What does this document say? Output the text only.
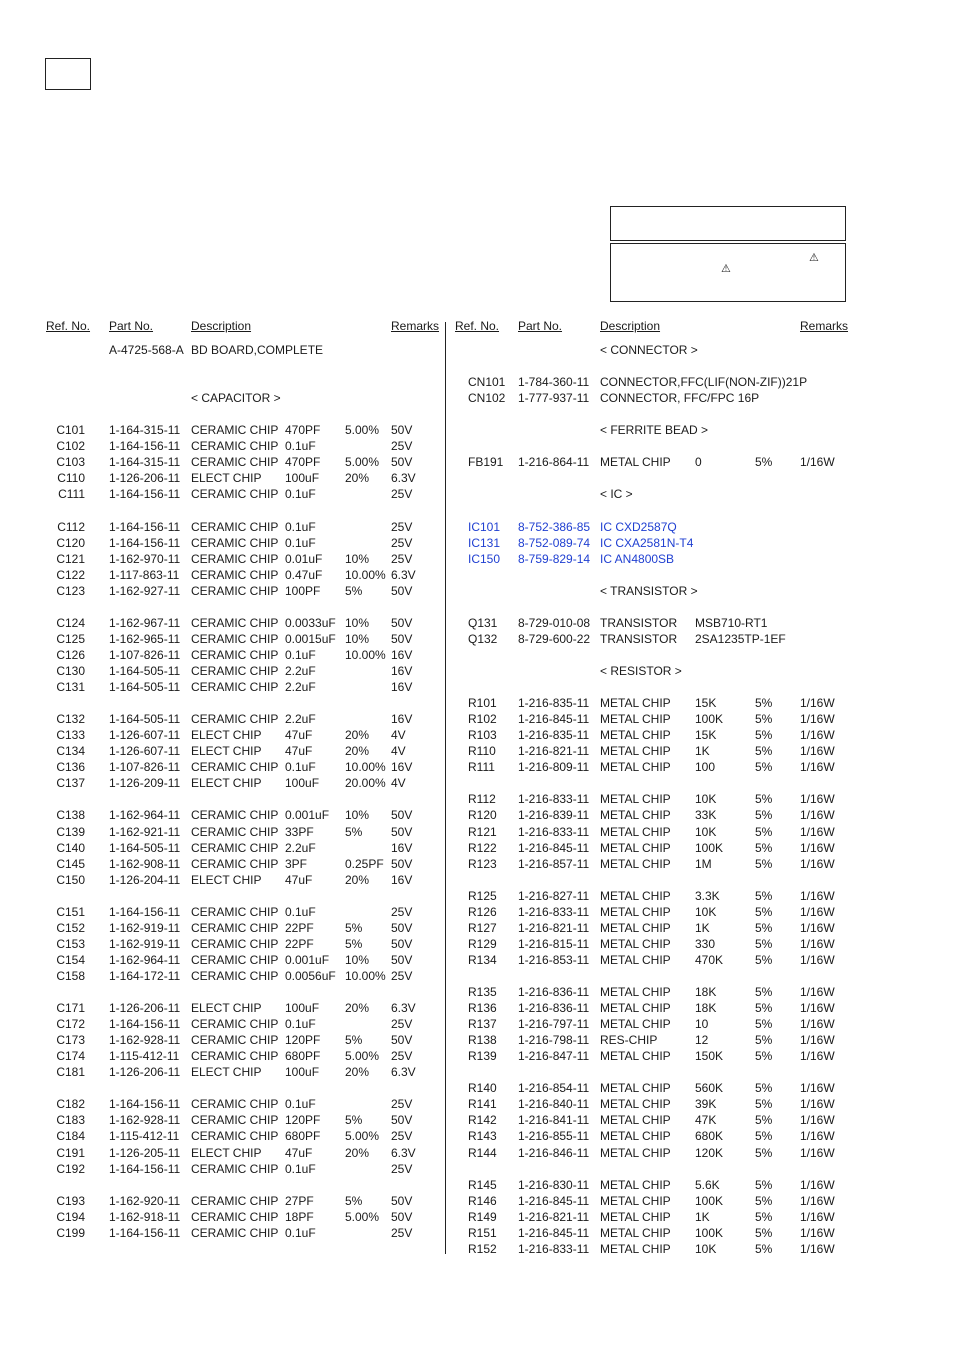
⚠
⚠
Ref. No. Part No.	Description	Remarks Ref. No. Part No.	Description	Remarks
A-4725-568-A BD BOARD,COMPLETE
< CAPACITOR >
C101 1-164-315-11 CERAMIC CHIP 470PF 5.00% 50V
C102 1-164-156-11 CERAMIC CHIP 0.1uF	25V
C103 1-164-315-11 CERAMIC CHIP 470PF 5.00% 50V
C110 1-126-206-11 ELECT CHIP 100uF 20% 6.3V
C111 1-164-156-11 CERAMIC CHIP 0.1uF	25V
C112 1-164-156-11 CERAMIC CHIP 0.1uF	25V
C120 1-164-156-11 CERAMIC CHIP 0.1uF	25V
C121 1-162-970-11 CERAMIC CHIP 0.01uF 10% 25V
C122 1-117-863-11 CERAMIC CHIP 0.47uF 10.00% 6.3V
C123 1-162-927-11 CERAMIC CHIP 100PF 5% 50V
C124 1-162-967-11 CERAMIC CHIP 0.0033uF 10% 50V
C125 1-162-965-11 CERAMIC CHIP 0.0015uF 10% 50V
C126 1-107-826-11 CERAMIC CHIP 0.1uF 10.00% 16V
C130 1-164-505-11 CERAMIC CHIP 2.2uF	16V
C131 1-164-505-11 CERAMIC CHIP 2.2uF	16V
C132 1-164-505-11 CERAMIC CHIP 2.2uF	16V
C133 1-126-607-11 ELECT CHIP 47uF	20% 4V
C134 1-126-607-11 ELECT CHIP 47uF	20% 4V
C136 1-107-826-11 CERAMIC CHIP 0.1uF 10.00% 16V
C137 1-126-209-11 ELECT CHIP 100uF 20.00% 4V
C138 1-162-964-11 CERAMIC CHIP 0.001uF 10% 50V
C139 1-162-921-11 CERAMIC CHIP 33PF	5% 50V
C140 1-164-505-11 CERAMIC CHIP 2.2uF	16V
C145 1-162-908-11 CERAMIC CHIP 3PF	0.25PF 50V
C150 1-126-204-11 ELECT CHIP 47uF	20% 16V
C151 1-164-156-11 CERAMIC CHIP 0.1uF	25V
C152 1-162-919-11 CERAMIC CHIP 22PF	5% 50V
C153 1-162-919-11 CERAMIC CHIP 22PF	5% 50V
C154 1-162-964-11 CERAMIC CHIP 0.001uF 10% 50V
C158 1-164-172-11 CERAMIC CHIP 0.0056uF 10.00% 25V
C171 1-126-206-11 ELECT CHIP 100uF 20% 6.3V
C172 1-164-156-11 CERAMIC CHIP 0.1uF	25V
C173 1-162-928-11 CERAMIC CHIP 120PF 5% 50V
C174 1-115-412-11 CERAMIC CHIP 680PF 5.00% 25V
C181 1-126-206-11 ELECT CHIP 100uF 20% 6.3V
C182 1-164-156-11 CERAMIC CHIP 0.1uF	25V
C183 1-162-928-11 CERAMIC CHIP 120PF 5% 50V
C184 1-115-412-11 CERAMIC CHIP 680PF 5.00% 25V
C191 1-126-205-11 ELECT CHIP 47uF	20% 6.3V
C192 1-164-156-11 CERAMIC CHIP 0.1uF	25V
C193 1-162-920-11 CERAMIC CHIP 27PF	5% 50V
C194 1-162-918-11 CERAMIC CHIP 18PF	5.00% 50V
C199 1-164-156-11 CERAMIC CHIP 0.1uF	25V
< CONNECTOR >
CN101 1-784-360-11 CONNECTOR,FFC(LIF(NON-ZIF))21P
CN102 1-777-937-11 CONNECTOR, FFC/FPC 16P
< FERRITE BEAD >
FB191 1-216-864-11 METAL CHIP 0	5% 1/16W
< IC >
IC101 8-752-386-85 IC CXD2587Q
IC131 8-752-089-74 IC CXA2581N-T4
IC150 8-759-829-14 IC AN4800SB
< TRANSISTOR >
Q131 8-729-010-08 TRANSISTOR MSB710-RT1
Q132 8-729-600-22 TRANSISTOR 2SA1235TP-1EF
< RESISTOR >
R101 1-216-835-11 METAL CHIP 15K	5% 1/16W
R102 1-216-845-11 METAL CHIP 100K	5% 1/16W
R103 1-216-835-11 METAL CHIP 15K	5% 1/16W
R110 1-216-821-11 METAL CHIP 1K	5% 1/16W
R111 1-216-809-11 METAL CHIP 100	5% 1/16W
R112 1-216-833-11 METAL CHIP 10K	5% 1/16W
R120 1-216-839-11 METAL CHIP 33K	5% 1/16W
R121 1-216-833-11 METAL CHIP 10K	5% 1/16W
R122 1-216-845-11 METAL CHIP 100K	5% 1/16W
R123 1-216-857-11 METAL CHIP 1M	5% 1/16W
R125 1-216-827-11 METAL CHIP 3.3K	5% 1/16W
R126 1-216-833-11 METAL CHIP 10K	5% 1/16W
R127 1-216-821-11 METAL CHIP 1K	5% 1/16W
R129 1-216-815-11 METAL CHIP 330	5% 1/16W
R134 1-216-853-11 METAL CHIP 470K	5% 1/16W
R135 1-216-836-11 METAL CHIP 18K	5% 1/16W
R136 1-216-836-11 METAL CHIP 18K	5% 1/16W
R137 1-216-797-11 METAL CHIP 10	5% 1/16W
R138 1-216-798-11 RES-CHIP	12	5% 1/16W
R139 1-216-847-11 METAL CHIP 150K	5% 1/16W
R140 1-216-854-11 METAL CHIP 560K	5% 1/16W
R141 1-216-840-11 METAL CHIP 39K	5% 1/16W
R142 1-216-841-11 METAL CHIP 47K	5% 1/16W
R143 1-216-855-11 METAL CHIP 680K	5% 1/16W
R144 1-216-846-11 METAL CHIP 120K	5% 1/16W
R145 1-216-830-11 METAL CHIP 5.6K	5% 1/16W
R146 1-216-845-11 METAL CHIP 100K	5% 1/16W
R149 1-216-821-11 METAL CHIP 1K	5% 1/16W
R151 1-216-845-11 METAL CHIP 100K	5% 1/16W
R152 1-216-833-11 METAL CHIP 10K	5% 1/16W
